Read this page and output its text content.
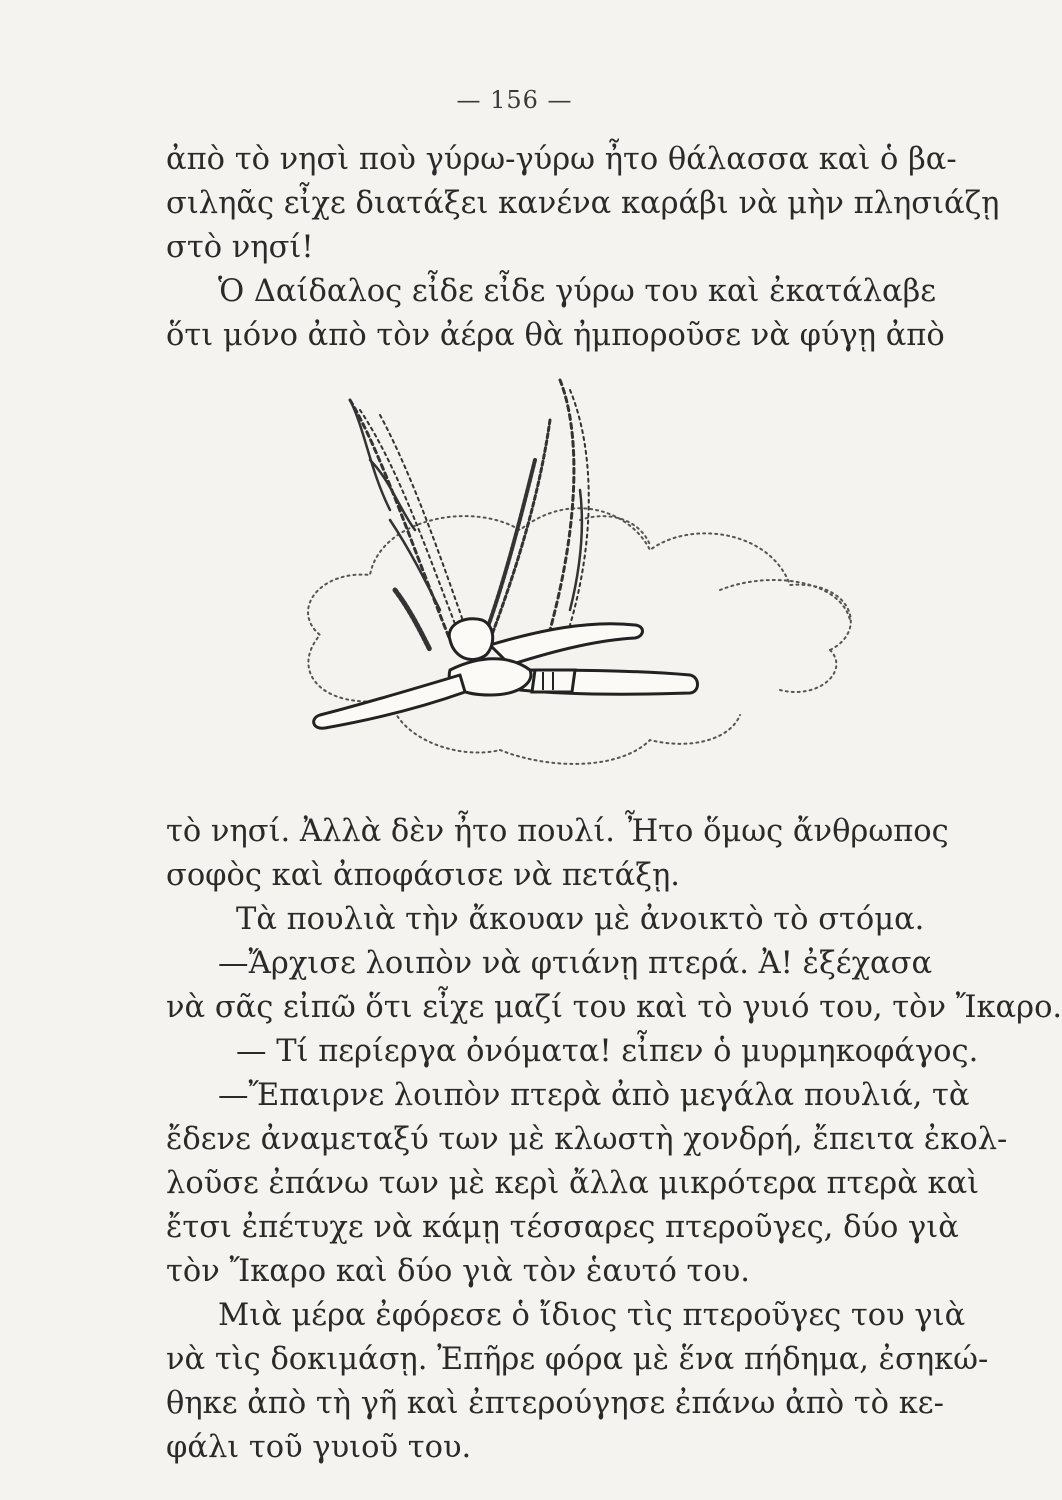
— 156 —
ἀπὸ τὸ νησὶ ποὺ γύρω-γύρω ἦτο θάλασσα καὶ ὁ βα-
σιληᾶς εἶχε διατάξει κανένα καράβι νὰ μὴν πλησιάζῃ
στὸ νησί!
Ὁ Δαίδαλος εἶδε εἶδε γύρω του καὶ ἐκατάλαβε
ὅτι μόνο ἀπὸ τὸν ἀέρα θὰ ἠμποροῦσε νὰ φύγῃ ἀπὸ
τὸ νησί. Ἀλλὰ δὲν ἦτο πουλί. Ἦτο ὅμως ἄνθρωπος
σοφὸς καὶ ἀποφάσισε νὰ πετάξῃ.
Τὰ πουλιὰ τὴν ἄκουαν μὲ ἀνοικτὸ τὸ στόμα.
—Ἄρχισε λοιπὸν νὰ φτιάνῃ πτερά. Ἀ! ἐξέχασα
νὰ σᾶς εἰπῶ ὅτι εἶχε μαζί του καὶ τὸ γυιό του, τὸν Ἴκαρο.
— Τί περίεργα ὀνόματα! εἶπεν ὁ μυρμηκοφάγος.
—Ἔπαιρνε λοιπὸν πτερὰ ἀπὸ μεγάλα πουλιά, τὰ
ἔδενε ἀναμεταξύ των μὲ κλωστὴ χονδρή, ἔπειτα ἐκολ-
λοῦσε ἐπάνω των μὲ κερὶ ἄλλα μικρότερα πτερὰ καὶ
ἔτσι ἐπέτυχε νὰ κάμῃ τέσσαρες πτεροῦγες, δύο γιὰ
τὸν Ἴκαρο καὶ δύο γιὰ τὸν ἑαυτό του.
Μιὰ μέρα ἐφόρεσε ὁ ἴδιος τὶς πτεροῦγες του γιὰ
νὰ τὶς δοκιμάσῃ. Ἐπῆρε φόρα μὲ ἕνα πήδημα, ἐσηκώ-
θηκε ἀπὸ τὴ γῆ καὶ ἐπτερούγησε ἐπάνω ἀπὸ τὸ κε-
φάλι τοῦ γυιοῦ του.
